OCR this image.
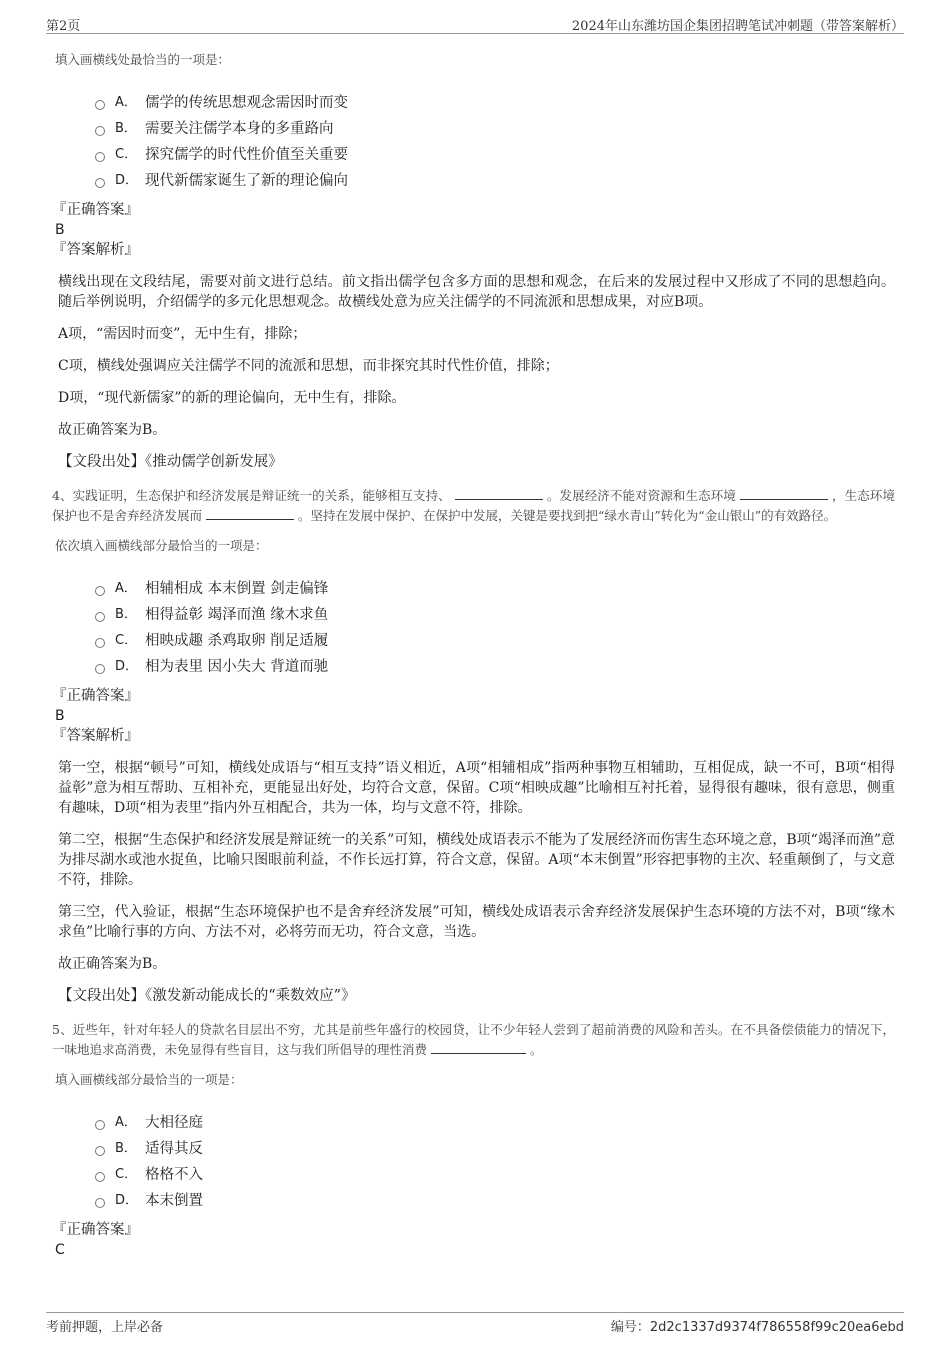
第2页	2024年山东潍坊国企集团招聘笔试冲刺题（带答案解析）
填入画横线处最恰当的一项是：
A． 儒学的传统思想观念需因时而变
B． 需要关注儒学本身的多重路向
C． 探究儒学的时代性价值至关重要
D． 现代新儒家诞生了新的理论偏向
『正确答案』
B
『答案解析』
横线出现在文段结尾，需要对前文进行总结。前文指出儒学包含多方面的思想和观念，在后来的发展过程中又形成了不同的思想趋向。随后举例说明，介绍儒学的多元化思想观念。故横线处意为应关注儒学的不同流派和思想成果，对应B项。
A项，“需因时而变”，无中生有，排除；
C项，横线处强调应关注儒学不同的流派和思想，而非探究其时代性价值，排除；
D项，“现代新儒家”的新的理论偏向，无中生有，排除。
故正确答案为B。
【文段出处】《推动儒学创新发展》
4、实践证明，生态保护和经济发展是辩证统一的关系，能够相互支持、	。发展经济不能对资源和生态环境	，生态环境保护也不是舍弃经济发展而	。坚持在发展中保护、在保护中发展，关键是要找到把“绿水青山”转化为“金山银山”的有效路径。
依次填入画横线部分最恰当的一项是：
A． 相辅相成 本末倒置 剑走偏锋
B． 相得益彰 竭泽而渔 缘木求鱼
C． 相映成趣 杀鸡取卵 削足适履
D． 相为表里 因小失大 背道而驰
『正确答案』
B
『答案解析』
第一空，根据“顿号”可知，横线处成语与“相互支持”语义相近，A项“相辅相成”指两种事物互相辅助，互相促成，缺一不可，B项“相得益彰”意为相互帮助、互相补充，更能显出好处，均符合文意，保留。C项“相映成趣”比喻相互衬托着，显得很有趣味，很有意思，侧重有趣味，D项“相为表里”指内外互相配合，共为一体，均与文意不符，排除。
第二空，根据“生态保护和经济发展是辩证统一的关系”可知，横线处成语表示不能为了发展经济而伤害生态环境之意，B项“竭泽而渔”意为排尽湖水或池水捉鱼，比喻只图眼前利益，不作长远打算，符合文意，保留。A项“本末倒置”形容把事物的主次、轻重颠倒了，与文意不符，排除。
第三空，代入验证，根据“生态环境保护也不是舍弃经济发展”可知，横线处成语表示舍弃经济发展保护生态环境的方法不对，B项“缘木求鱼”比喻行事的方向、方法不对，必将劳而无功，符合文意，当选。
故正确答案为B。
【文段出处】《激发新动能成长的“乘数效应”》
5、近些年，针对年轻人的贷款名目层出不穷，尤其是前些年盛行的校园贷，让不少年轻人尝到了超前消费的风险和苦头。在不具备偿债能力的情况下，一味地追求高消费，未免显得有些盲目，这与我们所倡导的理性消费	。
填入画横线部分最恰当的一项是：
A． 大相径庭
B． 适得其反
C． 格格不入
D． 本末倒置
『正确答案』
C
考前押题，上岸必备	编号：2d2c1337d9374f786558f99c20ea6ebd
